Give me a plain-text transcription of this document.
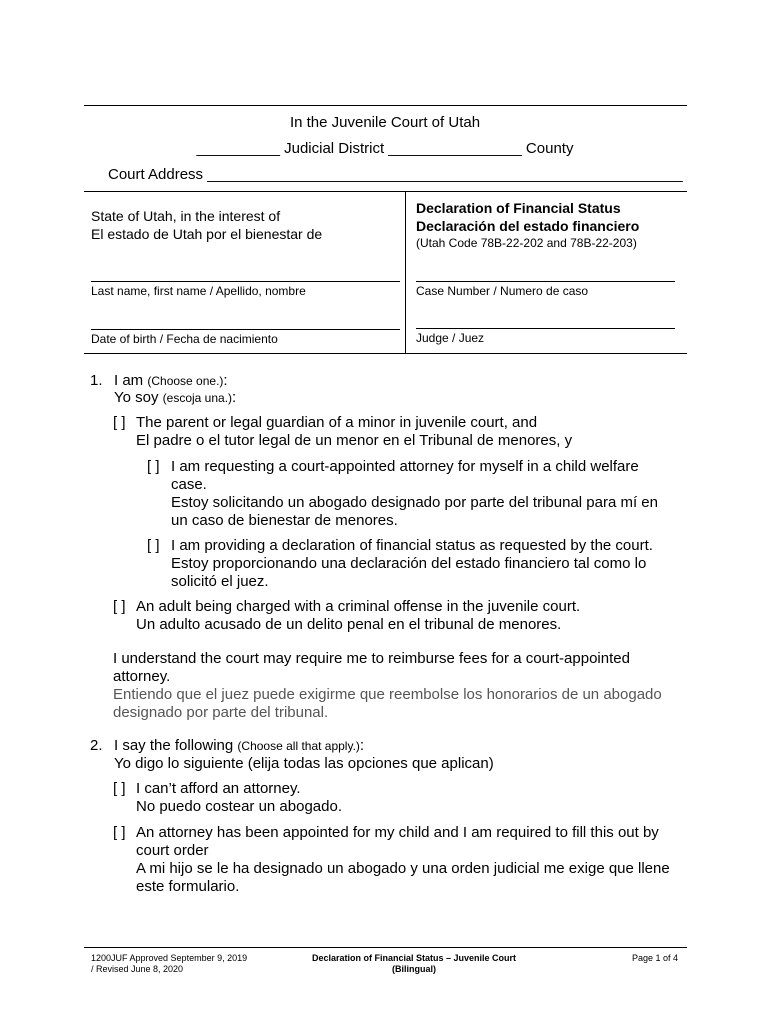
In the Juvenile Court of Utah
__________ Judicial District ________________ County
Court Address _________________________________________________________
State of Utah, in the interest of
El estado de Utah por el bienestar de
Last name, first name / Apellido, nombre
Date of birth / Fecha de nacimiento
Declaration of Financial Status
Declaración del estado financiero
(Utah Code 78B-22-202 and 78B-22-203)
Case Number / Numero de caso
Judge / Juez
1. I am (Choose one.):
Yo soy (escoja una.):
[ ] The parent or legal guardian of a minor in juvenile court, and
El padre o el tutor legal de un menor en el Tribunal de menores, y
[ ] I am requesting a court-appointed attorney for myself in a child welfare
case.
Estoy solicitando un abogado designado por parte del tribunal para mí en
un caso de bienestar de menores.
[ ] I am providing a declaration of financial status as requested by the court.
Estoy proporcionando una declaración del estado financiero tal como lo
solicitó el juez.
[ ] An adult being charged with a criminal offense in the juvenile court.
Un adulto acusado de un delito penal en el tribunal de menores.
I understand the court may require me to reimburse fees for a court-appointed
attorney.
Entiendo que el juez puede exigirme que reembolse los honorarios de un abogado
designado por parte del tribunal.
2. I say the following (Choose all that apply.):
Yo digo lo siguiente (elija todas las opciones que aplican)
[ ] I can’t afford an attorney.
No puedo costear un abogado.
[ ] An attorney has been appointed for my child and I am required to fill this out by
court order
A mi hijo se le ha designado un abogado y una orden judicial me exige que llene
este formulario.
1200JUF Approved September 9, 2019
/ Revised June 8, 2020
Declaration of Financial Status – Juvenile Court
(Bilingual)
Page 1 of 4
